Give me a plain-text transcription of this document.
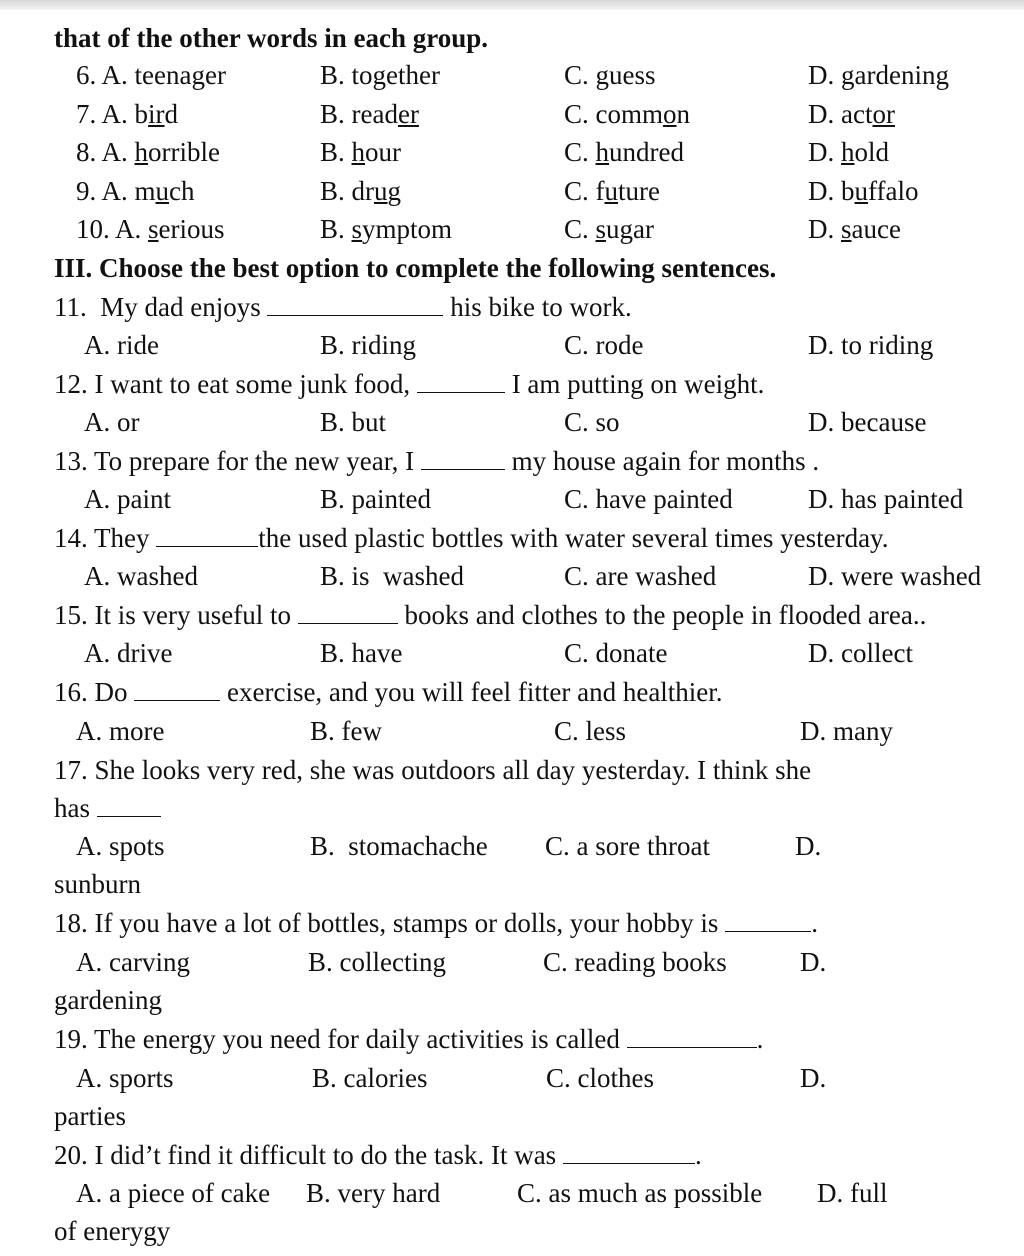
that of the other words in each group.
6. A. teenager	B. together	C. guess	D. gardening
7. A. bird	B. reader	C. common	D. actor
8. A. horrible	B. hour	C. hundred	D. hold
9. A. much	B. drug	C. future	D. buffalo
10. A. serious	B. symptom	C. sugar	D. sauce
III. Choose the best option to complete the following sentences.
11.  My dad enjoys	his bike to work.
A. ride	B. riding	C. rode	D. to riding
12. I want to eat some junk food,	I am putting on weight.
A. or	B. but	C. so	D. because
13. To prepare for the new year, I	my house again for months .
A. paint	B. painted	C. have painted	D. has painted
14. They	the used plastic bottles with water several times yesterday.
A. washed	B. is  washed	C. are washed	D. were washed
15. It is very useful to	books and clothes to the people in flooded area..
A. drive	B. have	C. donate	D. collect
16. Do	exercise, and you will feel fitter and healthier.
A. more	B. few	C. less	D. many
17. She looks very red, she was outdoors all day yesterday. I think she
has
A. spots	B.  stomachache C. a sore throat	D.
sunburn
18. If you have a lot of bottles, stamps or dolls, your hobby is	.
A. carving	B. collecting	C. reading books	D.
gardening
19. The energy you need for daily activities is called	.
A. sports	B. calories	C. clothes	D.
parties
20. I did’t find it difficult to do the task. It was	.
A. a piece of cake B. very hard	C. as much as possible D. full
of enerygy
